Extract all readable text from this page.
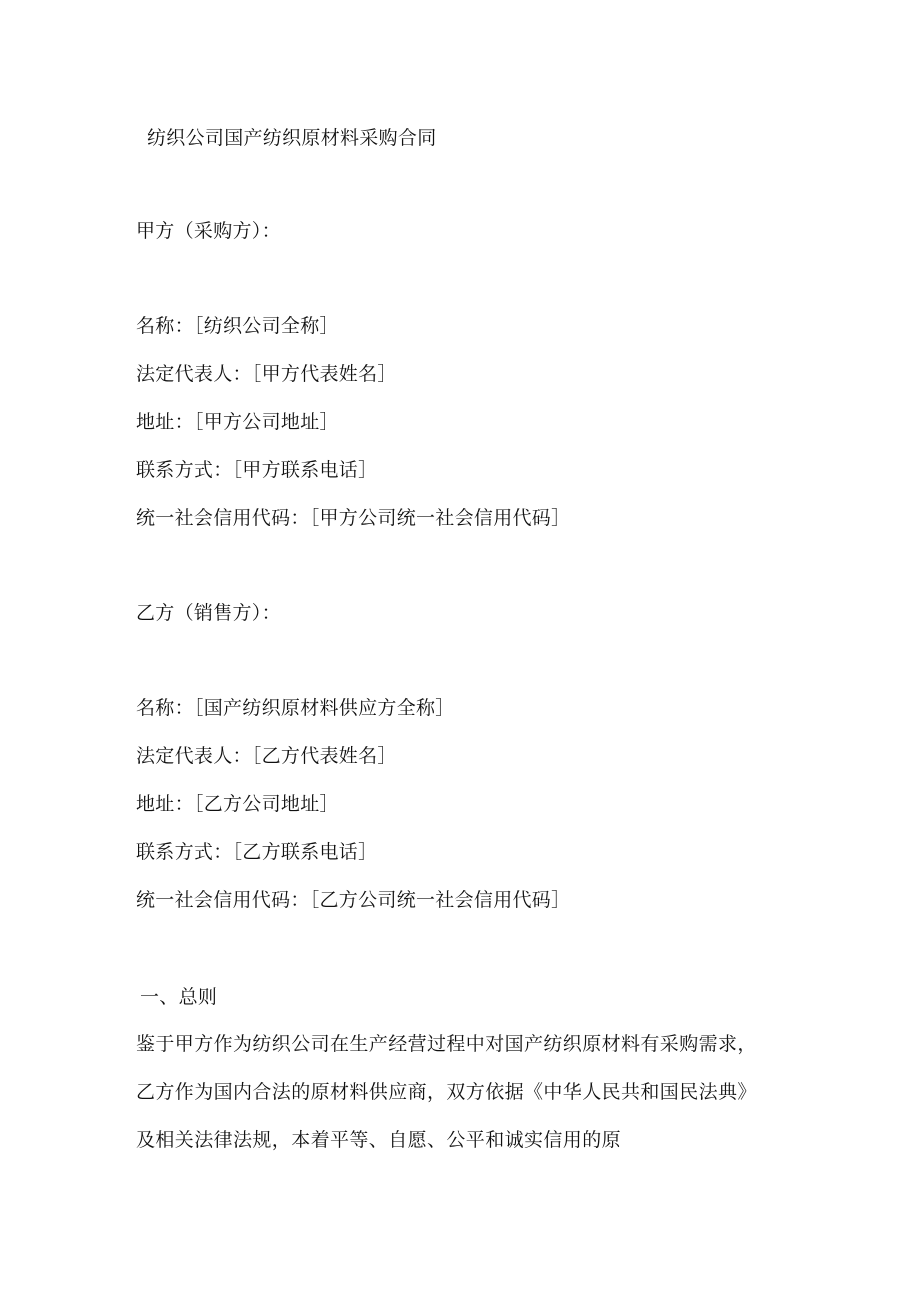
纺织公司国产纺织原材料采购合同
甲方（采购方）：
名称：［纺织公司全称］
法定代表人：［甲方代表姓名］
地址：［甲方公司地址］
联系方式：［甲方联系电话］
统一社会信用代码：［甲方公司统一社会信用代码］
乙方（销售方）：
名称：［国产纺织原材料供应方全称］
法定代表人：［乙方代表姓名］
地址：［乙方公司地址］
联系方式：［乙方联系电话］
统一社会信用代码：［乙方公司统一社会信用代码］
一、总则
鉴于甲方作为纺织公司在生产经营过程中对国产纺织原材料有采购需求，
乙方作为国内合法的原材料供应商，双方依据《中华人民共和国民法典》
及相关法律法规，本着平等、自愿、公平和诚实信用的原
